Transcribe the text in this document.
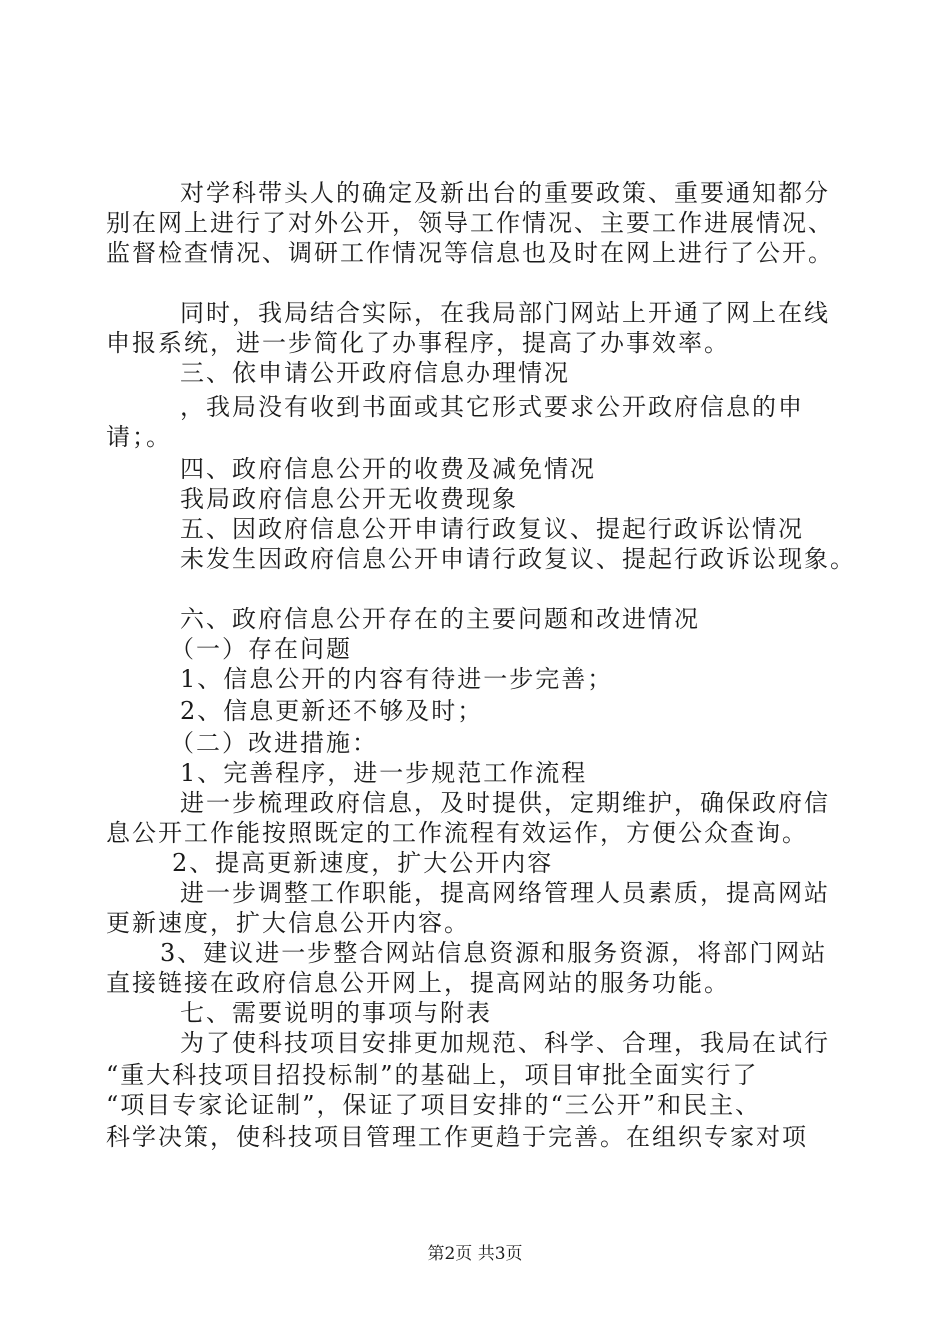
对学科带头人的确定及新出台的重要政策、重要通知都分
别在网上进行了对外公开，领导工作情况、主要工作进展情况、
监督检查情况、调研工作情况等信息也及时在网上进行了公开。
同时，我局结合实际，在我局部门网站上开通了网上在线
申报系统，进一步简化了办事程序，提高了办事效率。
三、依申请公开政府信息办理情况
，我局没有收到书面或其它形式要求公开政府信息的申
请；。
四、政府信息公开的收费及减免情况
我局政府信息公开无收费现象
五、因政府信息公开申请行政复议、提起行政诉讼情况
未发生因政府信息公开申请行政复议、提起行政诉讼现象。
六、政府信息公开存在的主要问题和改进情况
（一）存在问题
1、信息公开的内容有待进一步完善；
2、信息更新还不够及时；
（二）改进措施：
1、完善程序，进一步规范工作流程
进一步梳理政府信息，及时提供，定期维护，确保政府信
息公开工作能按照既定的工作流程有效运作，方便公众查询。
2、提高更新速度，扩大公开内容
进一步调整工作职能，提高网络管理人员素质，提高网站
更新速度，扩大信息公开内容。
3、建议进一步整合网站信息资源和服务资源，将部门网站
直接链接在政府信息公开网上，提高网站的服务功能。
七、需要说明的事项与附表
为了使科技项目安排更加规范、科学、合理，我局在试行
“重大科技项目招投标制”的基础上，项目审批全面实行了
“项目专家论证制”，保证了项目安排的“三公开”和民主、
科学决策，使科技项目管理工作更趋于完善。在组织专家对项
第2页 共3页
